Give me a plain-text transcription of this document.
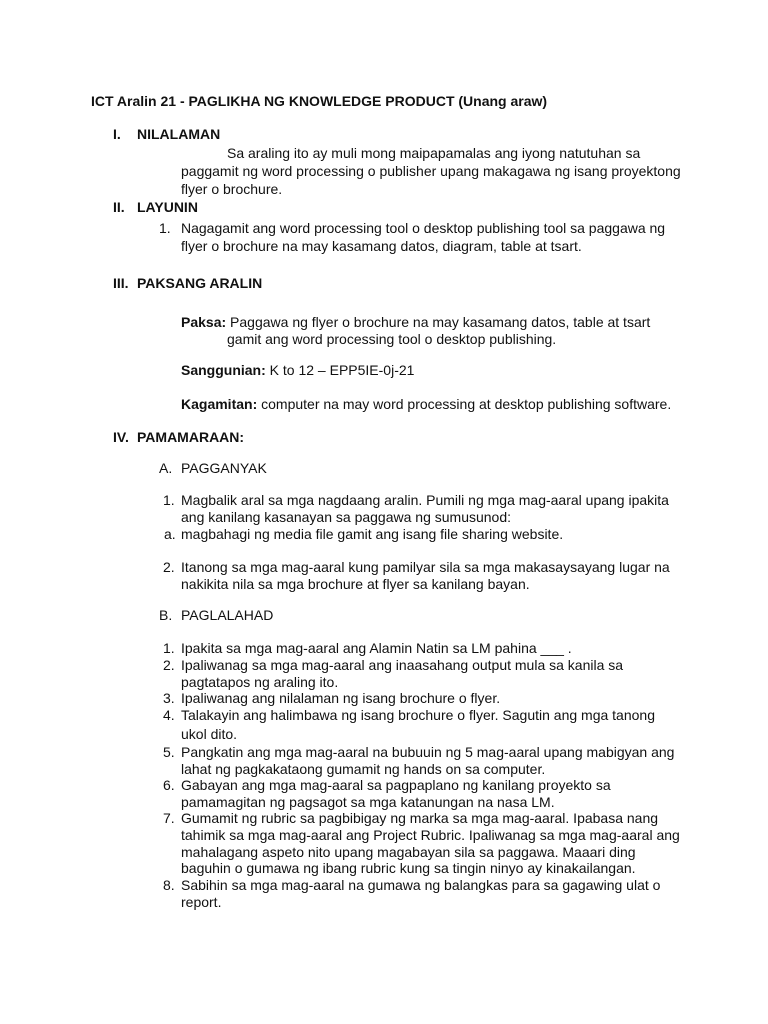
ICT Aralin 21 - PAGLIKHA NG KNOWLEDGE PRODUCT (Unang araw)
I. NILALAMAN
Sa araling ito ay muli mong maipapamalas ang iyong natutuhan sa
paggamit ng word processing o publisher upang makagawa ng isang proyektong
flyer o brochure.
II. LAYUNIN
1. Nagagamit ang word processing tool o desktop publishing tool sa paggawa ng
flyer o brochure na may kasamang datos, diagram, table at tsart.
III. PAKSANG ARALIN
Paksa: Paggawa ng flyer o brochure na may kasamang datos, table at tsart
gamit ang word processing tool o desktop publishing.
Sanggunian: K to 12 – EPP5IE-0j-21
Kagamitan: computer na may word processing at desktop publishing software.
IV. PAMAMARAAN:
A. PAGGANYAK
1. Magbalik aral sa mga nagdaang aralin. Pumili ng mga mag-aaral upang ipakita
ang kanilang kasanayan sa paggawa ng sumusunod:
a. magbahagi ng media file gamit ang isang file sharing website.
2. Itanong sa mga mag-aaral kung pamilyar sila sa mga makasaysayang lugar na
nakikita nila sa mga brochure at flyer sa kanilang bayan.
B. PAGLALAHAD
1. Ipakita sa mga mag-aaral ang Alamin Natin sa LM pahina ___ .
2. Ipaliwanag sa mga mag-aaral ang inaasahang output mula sa kanila sa
pagtatapos ng araling ito.
3. Ipaliwanag ang nilalaman ng isang brochure o flyer.
4. Talakayin ang halimbawa ng isang brochure o flyer. Sagutin ang mga tanong
ukol dito.
5. Pangkatin ang mga mag-aaral na bubuuin ng 5 mag-aaral upang mabigyan ang
lahat ng pagkakataong gumamit ng hands on sa computer.
6. Gabayan ang mga mag-aaral sa pagpaplano ng kanilang proyekto sa
pamamagitan ng pagsagot sa mga katanungan na nasa LM.
7. Gumamit ng rubric sa pagbibigay ng marka sa mga mag-aaral. Ipabasa nang
tahimik sa mga mag-aaral ang Project Rubric. Ipaliwanag sa mga mag-aaral ang
mahalagang aspeto nito upang magabayan sila sa paggawa. Maaari ding
baguhin o gumawa ng ibang rubric kung sa tingin ninyo ay kinakailangan.
8. Sabihin sa mga mag-aaral na gumawa ng balangkas para sa gagawing ulat o
report.
